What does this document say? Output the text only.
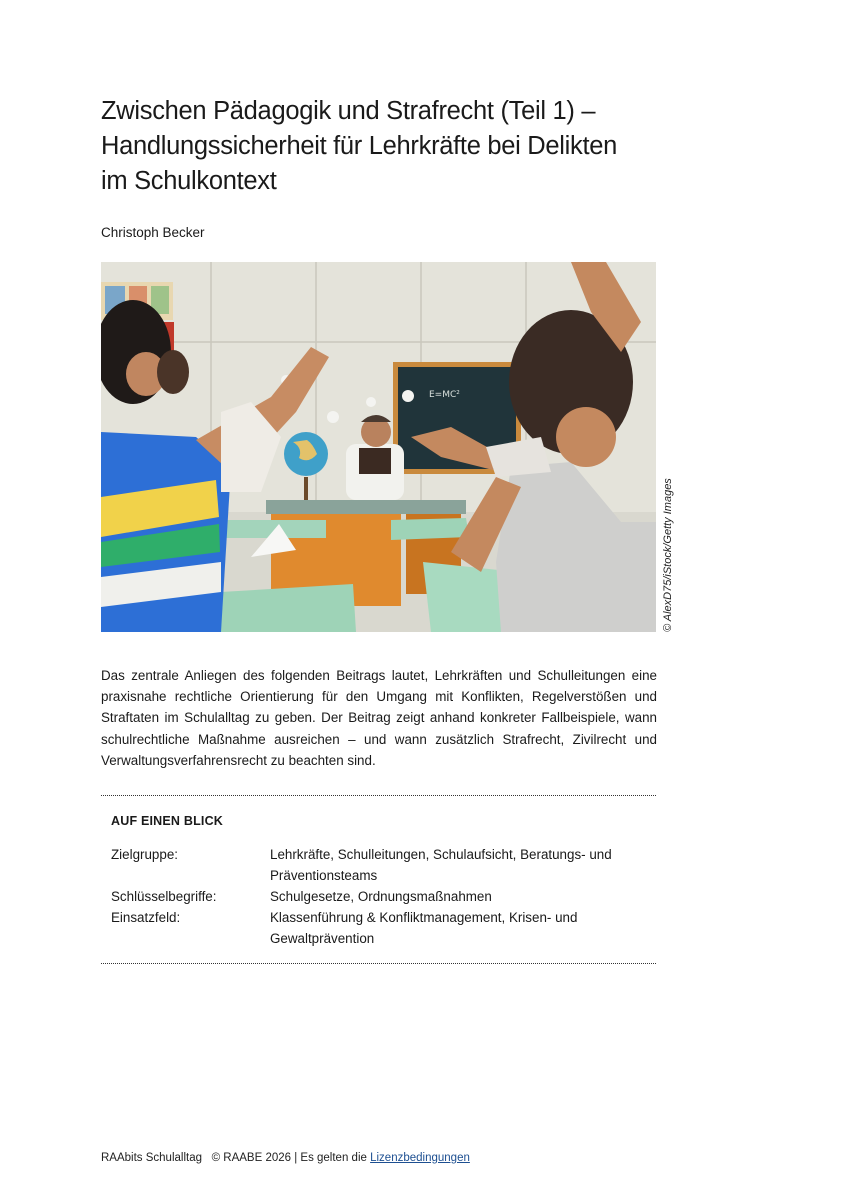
Zwischen Pädagogik und Strafrecht (Teil 1) –
Handlungssicherheit für Lehrkräfte bei Delikten
im Schulkontext

Christoph Becker

E=MC²
© AlexD75/iStock/Getty Images

Das zentrale Anliegen des folgenden Beitrags lautet, Lehrkräften und Schulleitungen eine praxisnahe rechtliche Orientierung für den Umgang mit Konflikten, Regelverstößen und Straftaten im Schulalltag zu geben. Der Beitrag zeigt anhand konkreter Fallbeispiele, wann schulrechtliche Maßnahme ausreichen – und wann zusätzlich Strafrecht, Zivilrecht und Verwaltungsverfahrensrecht zu beachten sind.

AUF EINEN BLICK

Zielgruppe:	Lehrkräfte, Schulleitungen, Schulaufsicht, Beratungs- und Präventionsteams
Schlüsselbegriffe:	Schulgesetze, Ordnungsmaßnahmen
Einsatzfeld:	Klassenführung & Konfliktmanagement, Krisen- und Gewaltprävention
RAAbits Schulalltag © RAABE 2026 | Es gelten die Lizenzbedingungen
